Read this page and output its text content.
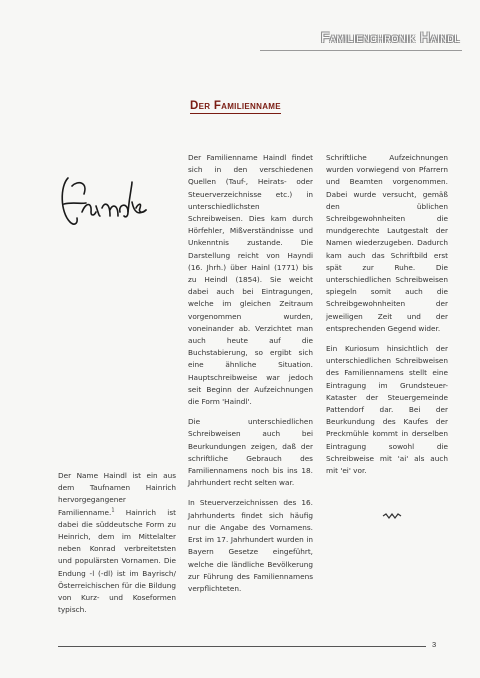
Familienchronik Haindl
Der Familienname

Der Name Haindl ist ein aus dem Taufnamen Hainrich hervorgegangener Familienname.$^1$ Hainrich ist dabei die süddeutsche Form zu Heinrich, dem im Mittelalter neben Konrad verbreitetsten und populärsten Vornamen. Die Endung -l (-dl) ist im Bayrisch/Österreichischen für die Bildung von Kurz- und Koseformen typisch.

Der Familienname Haindl findet sich in den verschiedenen Quellen (Tauf-, Heirats- oder Steuerverzeichnisse etc.) in unterschiedlichsten Schreibweisen. Dies kam durch Hörfehler, Mißverständnisse und Unkenntnis zustande. Die Darstellung reicht von Hayndi (16. Jhrh.) über Hainl (1771) bis zu Heindl (1854). Sie weicht dabei auch bei Eintragungen, welche im gleichen Zeitraum vorgenommen wurden, voneinander ab. Verzichtet man auch heute auf die Buchstabierung, so ergibt sich eine ähnliche Situation. Hauptschreibweise war jedoch seit Beginn der Aufzeichnungen die Form 'Haindl'.

Die unterschiedlichen Schreibweisen auch bei Beurkundungen zeigen, daß der schriftliche Gebrauch des Familiennamens noch bis ins 18. Jahrhundert recht selten war.

In Steuerverzeichnissen des 16. Jahrhunderts findet sich häufig nur die Angabe des Vornamens. Erst im 17. Jahrhundert wurden in Bayern Gesetze eingeführt, welche die ländliche Bevölkerung zur Führung des Familiennamens verpflichteten.

Schriftliche Aufzeichnungen wurden vorwiegend von Pfarrern und Beamten vorgenommen. Dabei wurde versucht, gemäß den üblichen Schreibgewohnheiten die mundgerechte Lautgestalt der Namen wiederzugeben. Dadurch kam auch das Schriftbild erst spät zur Ruhe. Die unterschiedlichen Schreibweisen spiegeln somit auch die Schreibgewohnheiten der jeweiligen Zeit und der entsprechenden Gegend wider.

Ein Kuriosum hinsichtlich der unterschiedlichen Schreibweisen des Familiennamens stellt eine Eintragung im Grundsteuer-Kataster der Steuergemeinde Pattendorf dar. Bei der Beurkundung des Kaufes der Preckmühle kommt in derselben Eintragung sowohl die Schreibweise mit 'ai' als auch mit 'ei' vor.

3
